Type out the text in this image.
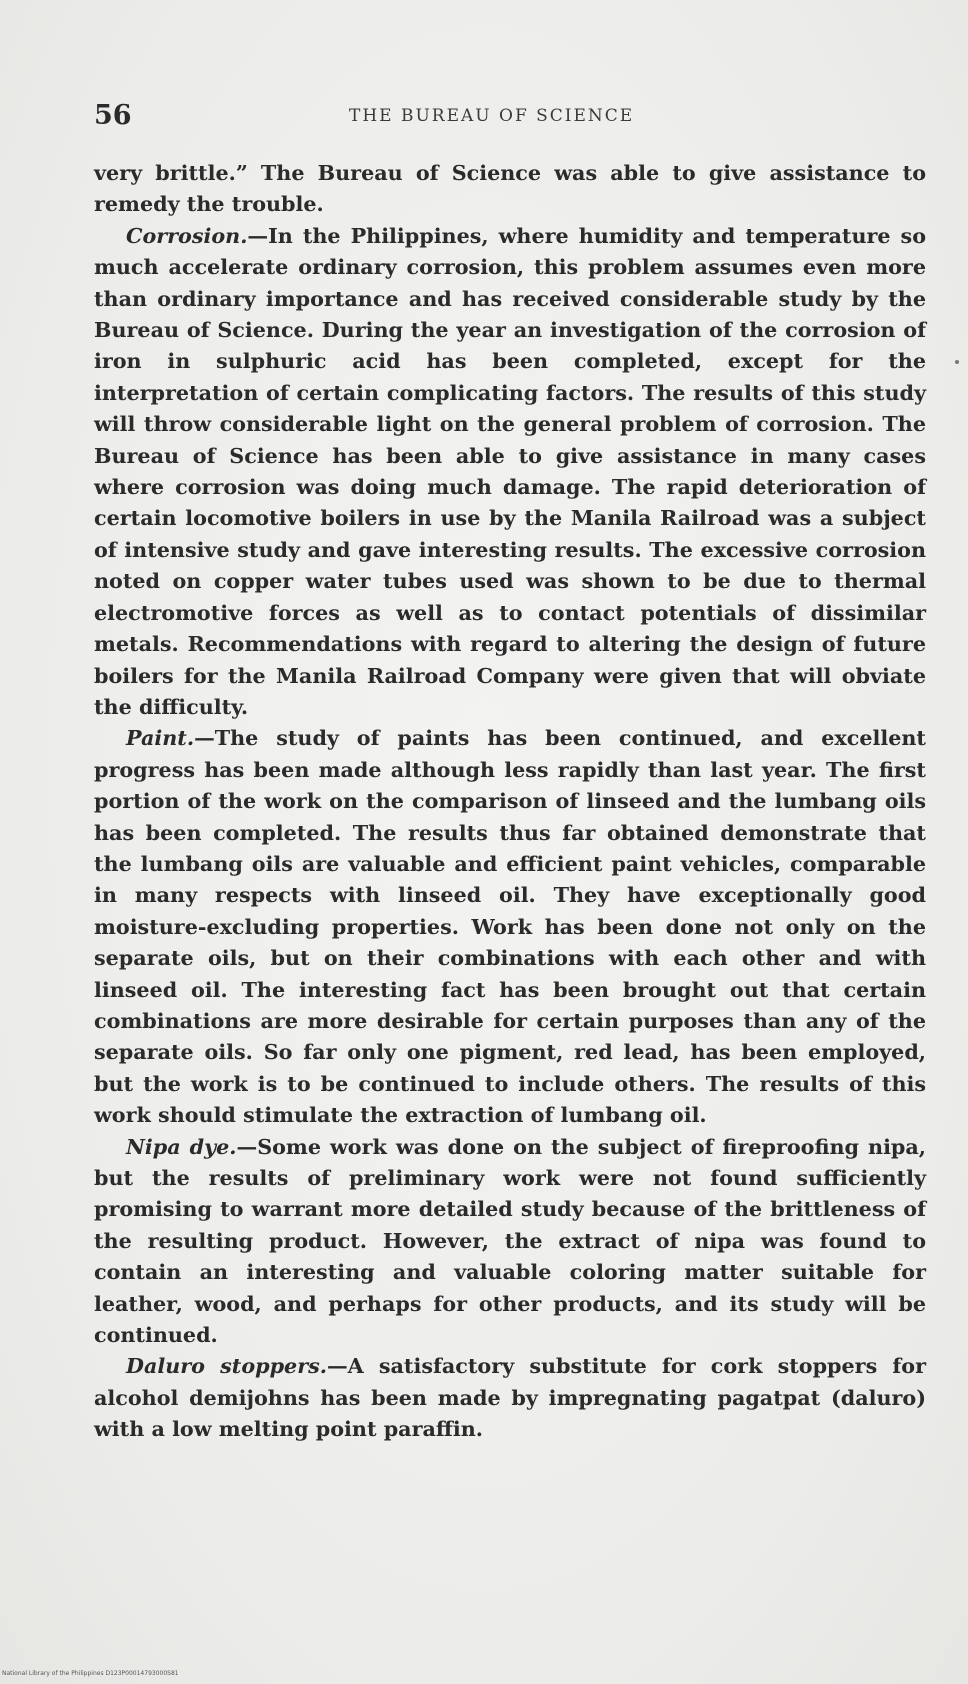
56	THE BUREAU OF SCIENCE

very brittle.” The Bureau of Science was able to give assistance to remedy the trouble.

Corrosion.—In the Philippines, where humidity and temperature so much accelerate ordinary corrosion, this problem assumes even more than ordinary importance and has received considerable study by the Bureau of Science. During the year an investigation of the corrosion of iron in sulphuric acid has been completed, except for the interpretation of certain complicating factors. The results of this study will throw considerable light on the general problem of corrosion. The Bureau of Science has been able to give assistance in many cases where corrosion was doing much damage. The rapid deterioration of certain locomotive boilers in use by the Manila Railroad was a subject of intensive study and gave interesting results. The excessive corrosion noted on copper water tubes used was shown to be due to thermal electromotive forces as well as to contact potentials of dissimilar metals. Recommendations with regard to altering the design of future boilers for the Manila Railroad Company were given that will obviate the difficulty.

Paint.—The study of paints has been continued, and excellent progress has been made although less rapidly than last year. The first portion of the work on the comparison of linseed and the lumbang oils has been completed. The results thus far obtained demonstrate that the lumbang oils are valuable and efficient paint vehicles, comparable in many respects with linseed oil. They have exceptionally good moisture-excluding properties. Work has been done not only on the separate oils, but on their combinations with each other and with linseed oil. The interesting fact has been brought out that certain combinations are more desirable for certain purposes than any of the separate oils. So far only one pigment, red lead, has been employed, but the work is to be continued to include others. The results of this work should stimulate the extraction of lumbang oil.

Nipa dye.—Some work was done on the subject of fireproofing nipa, but the results of preliminary work were not found sufficiently promising to warrant more detailed study because of the brittleness of the resulting product. However, the extract of nipa was found to contain an interesting and valuable coloring matter suitable for leather, wood, and perhaps for other products, and its study will be continued.

Daluro stoppers.—A satisfactory substitute for cork stoppers for alcohol demijohns has been made by impregnating pagatpat (daluro) with a low melting point paraffin.

National Library of the Philippines D123P00014793000S81
